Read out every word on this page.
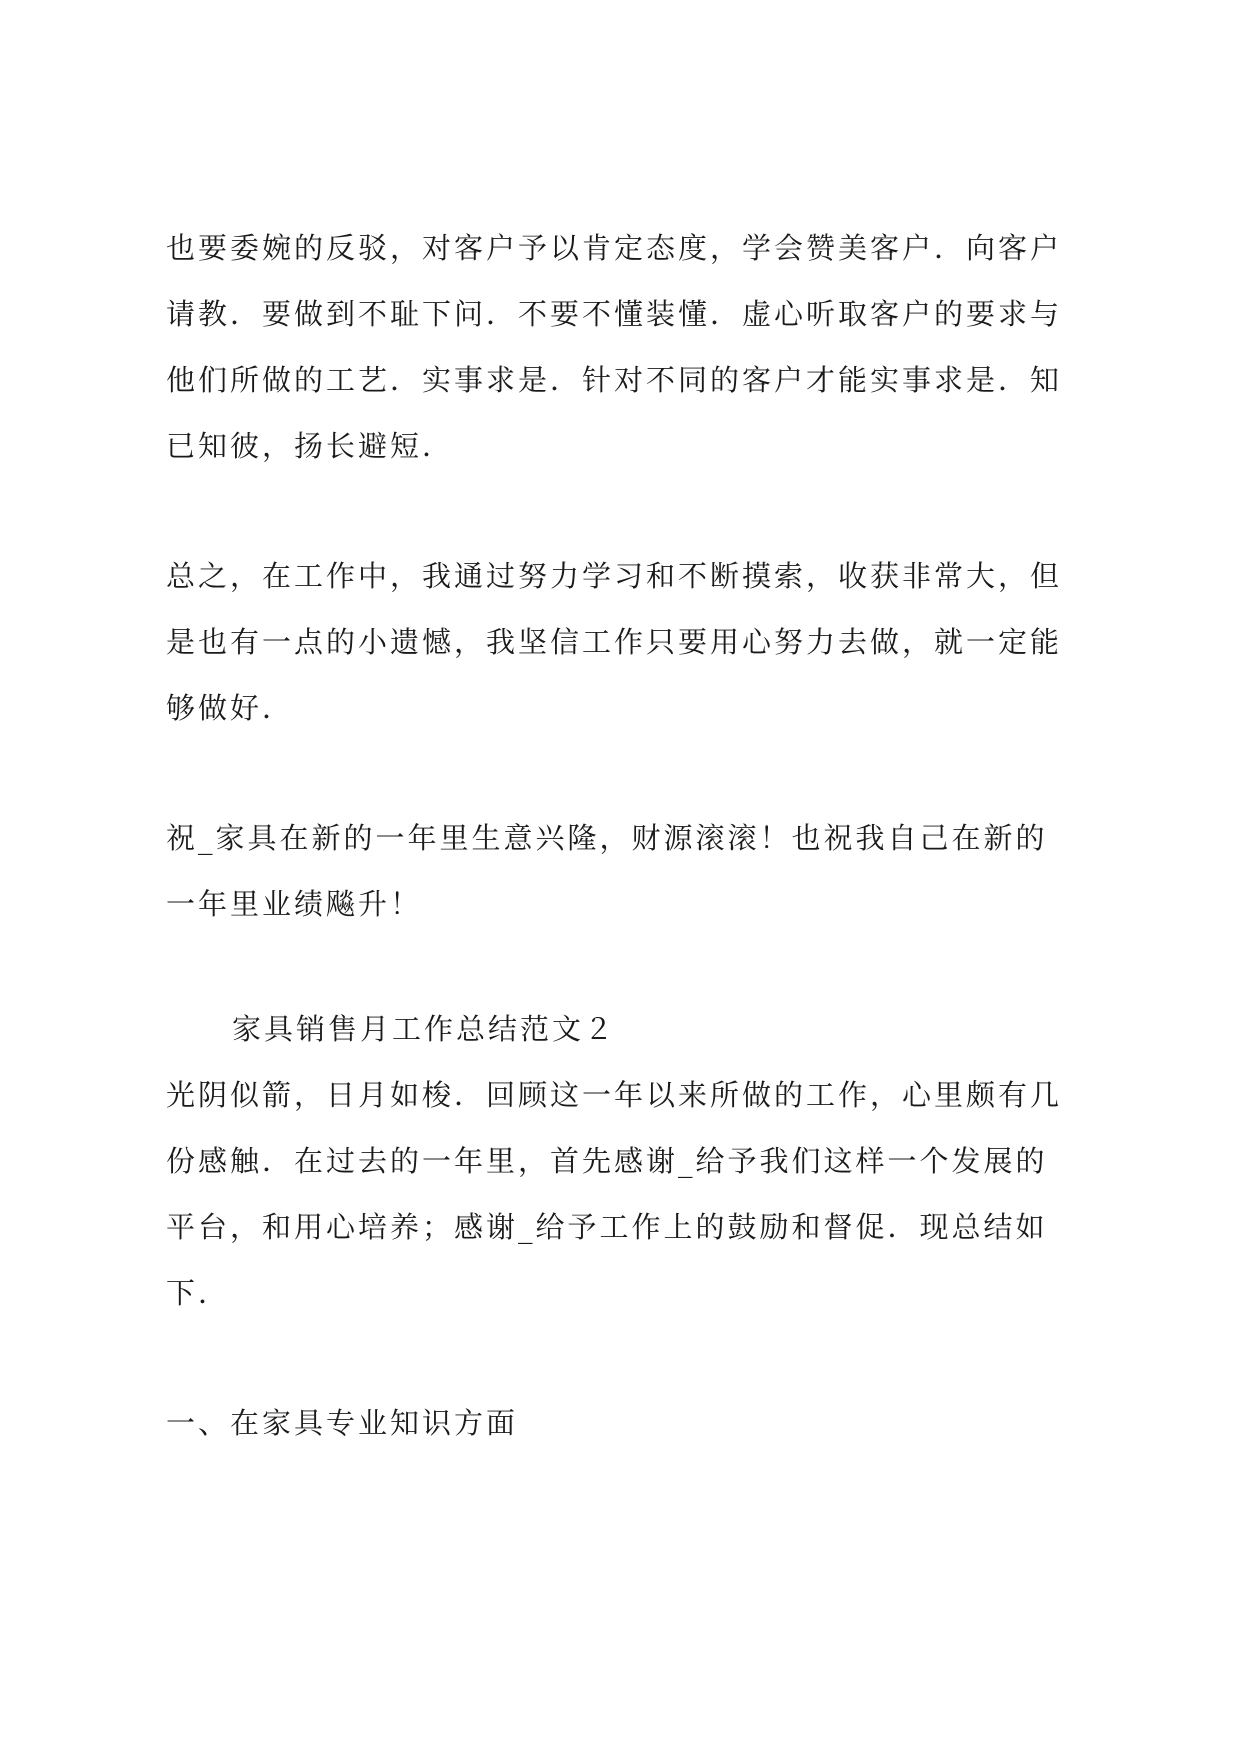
也要委婉的反驳，对客户予以肯定态度，学会赞美客户．向客户
请教．要做到不耻下问．不要不懂装懂．虚心听取客户的要求与
他们所做的工艺．实事求是．针对不同的客户才能实事求是．知
已知彼，扬长避短．
总之，在工作中，我通过努力学习和不断摸索，收获非常大，但
是也有一点的小遗憾，我坚信工作只要用心努力去做，就一定能
够做好．
祝_家具在新的一年里生意兴隆，财源滚滚！也祝我自己在新的
一年里业绩飚升！
家具销售月工作总结范文２
光阴似箭，日月如梭．回顾这一年以来所做的工作，心里颇有几
份感触．在过去的一年里，首先感谢_给予我们这样一个发展的
平台，和用心培养；感谢_给予工作上的鼓励和督促．现总结如
下．
一、在家具专业知识方面
